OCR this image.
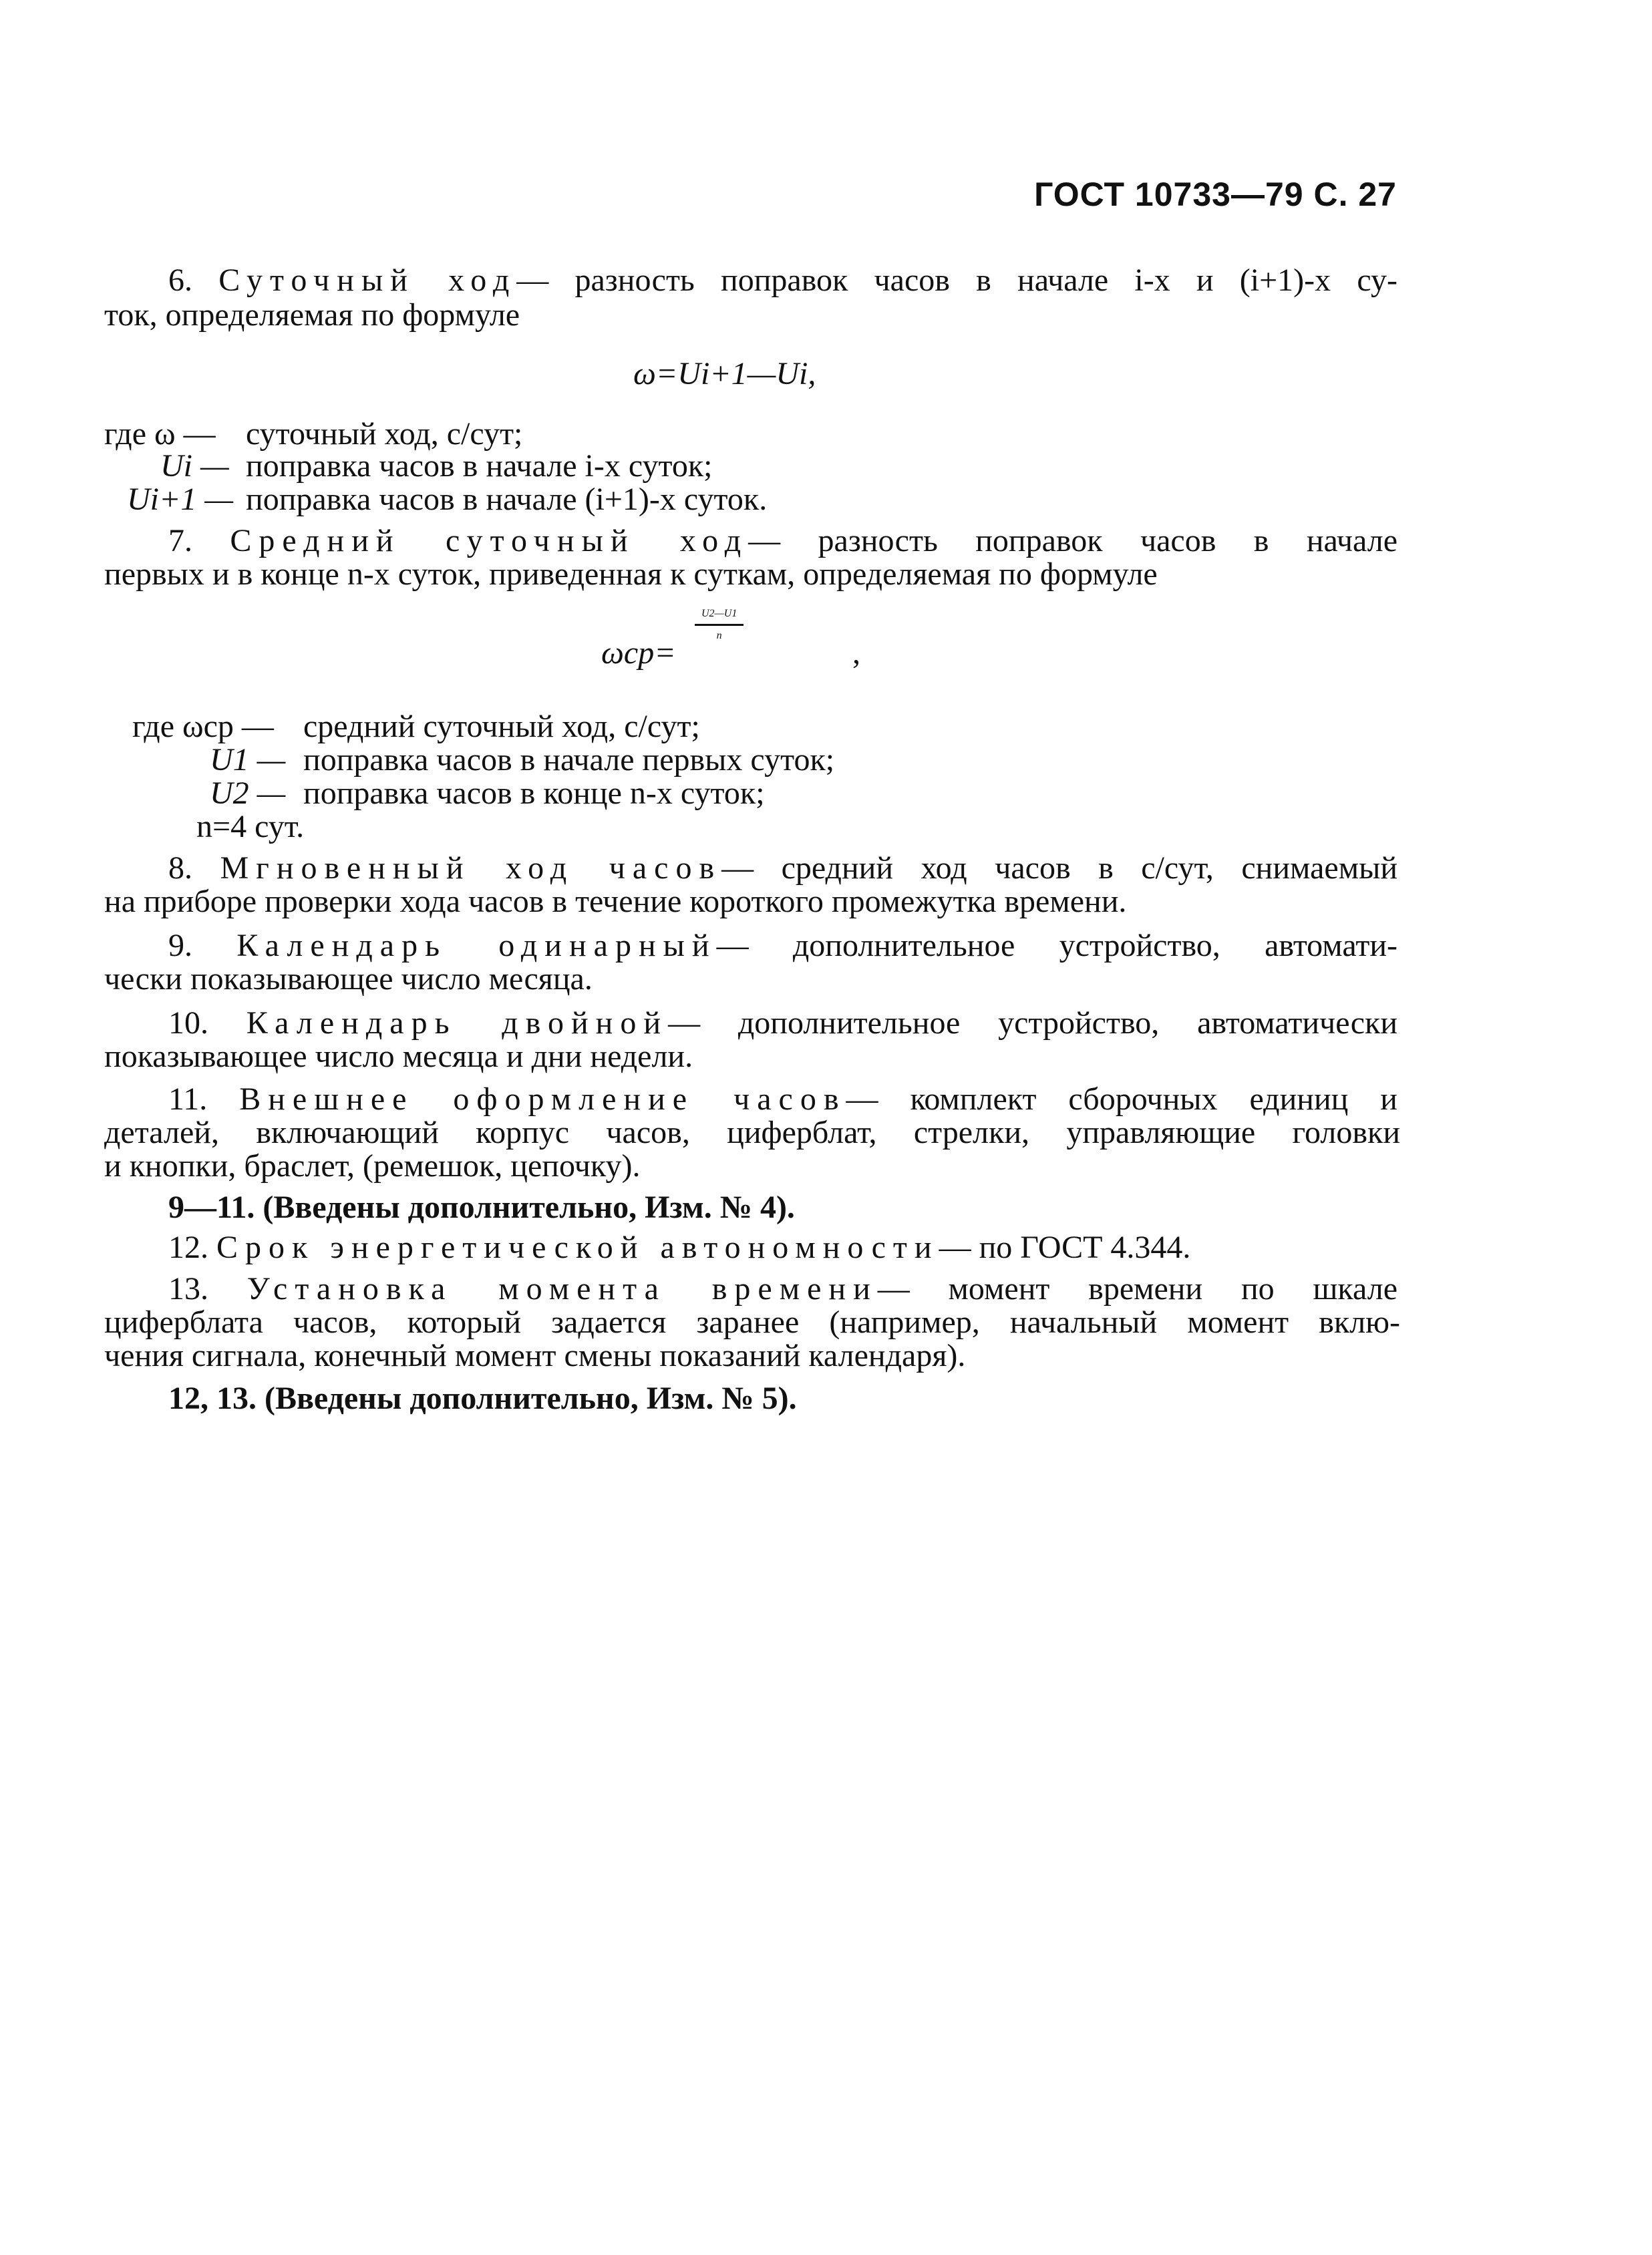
ГОСТ 10733—79 С. 27
6. Суточный ход— разность поправок часов в начале i-х и (i+1)-х су-
ток, определяемая по формуле
ω=Ui+1—Ui,
где ω — суточный ход, с/сут;
Ui — поправка часов в начале i-х суток;
Ui+1 — поправка часов в начале (i+1)-х суток.
7. Средний суточный ход— разность поправок часов в начале
первых и в конце n-х суток, приведенная к суткам, определяемая по формуле
ωср=
$\frac{U2—U1}{n}$
,
где ωср — средний суточный ход, с/сут;
U1 — поправка часов в начале первых суток;
U2 — поправка часов в конце n-х суток;
n=4 сут.
8. Мгновенный ход часов— средний ход часов в с/сут, снимаемый
на приборе проверки хода часов в течение короткого промежутка времени.
9. Календарь одинарный— дополнительное устройство, автомати-
чески показывающее число месяца.
10. Календарь двойной— дополнительное устройство, автоматически
показывающее число месяца и дни недели.
11. Внешнее оформление часов— комплект сборочных единиц и
деталей, включающий корпус часов, циферблат, стрелки, управляющие головки
и кнопки, браслет, (ремешок, цепочку).
9—11. (Введены дополнительно, Изм. № 4).
12. Срок энергетической автономности— по ГОСТ 4.344.
13. Установка момента времени— момент времени по шкале
циферблата часов, который задается заранее (например, начальный момент вклю-
чения сигнала, конечный момент смены показаний календаря).
12, 13. (Введены дополнительно, Изм. № 5).
